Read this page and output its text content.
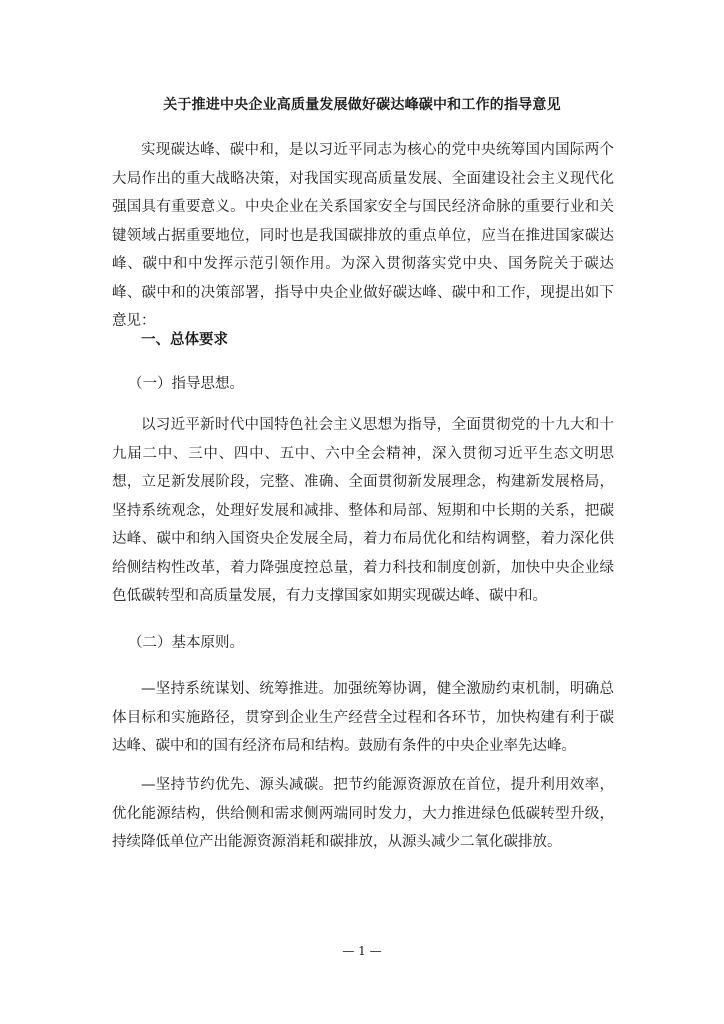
关于推进中央企业高质量发展做好碳达峰碳中和工作的指导意见

实现碳达峰、碳中和，是以习近平同志为核心的党中央统筹国内国际两个大局作出的重大战略决策，对我国实现高质量发展、全面建设社会主义现代化强国具有重要意义。中央企业在关系国家安全与国民经济命脉的重要行业和关键领域占据重要地位，同时也是我国碳排放的重点单位，应当在推进国家碳达峰、碳中和中发挥示范引领作用。为深入贯彻落实党中央、国务院关于碳达峰、碳中和的决策部署，指导中央企业做好碳达峰、碳中和工作，现提出如下意见：

一、总体要求

（一）指导思想。

以习近平新时代中国特色社会主义思想为指导，全面贯彻党的十九大和十九届二中、三中、四中、五中、六中全会精神，深入贯彻习近平生态文明思想，立足新发展阶段，完整、准确、全面贯彻新发展理念，构建新发展格局，坚持系统观念，处理好发展和减排、整体和局部、短期和中长期的关系，把碳达峰、碳中和纳入国资央企发展全局，着力布局优化和结构调整，着力深化供给侧结构性改革，着力降强度控总量，着力科技和制度创新，加快中央企业绿色低碳转型和高质量发展，有力支撑国家如期实现碳达峰、碳中和。

（二）基本原则。

—坚持系统谋划、统筹推进。加强统筹协调，健全激励约束机制，明确总体目标和实施路径，贯穿到企业生产经营全过程和各环节，加快构建有利于碳达峰、碳中和的国有经济布局和结构。鼓励有条件的中央企业率先达峰。

—坚持节约优先、源头减碳。把节约能源资源放在首位，提升利用效率，优化能源结构，供给侧和需求侧两端同时发力，大力推进绿色低碳转型升级，持续降低单位产出能源资源消耗和碳排放，从源头减少二氧化碳排放。

— 1 —
